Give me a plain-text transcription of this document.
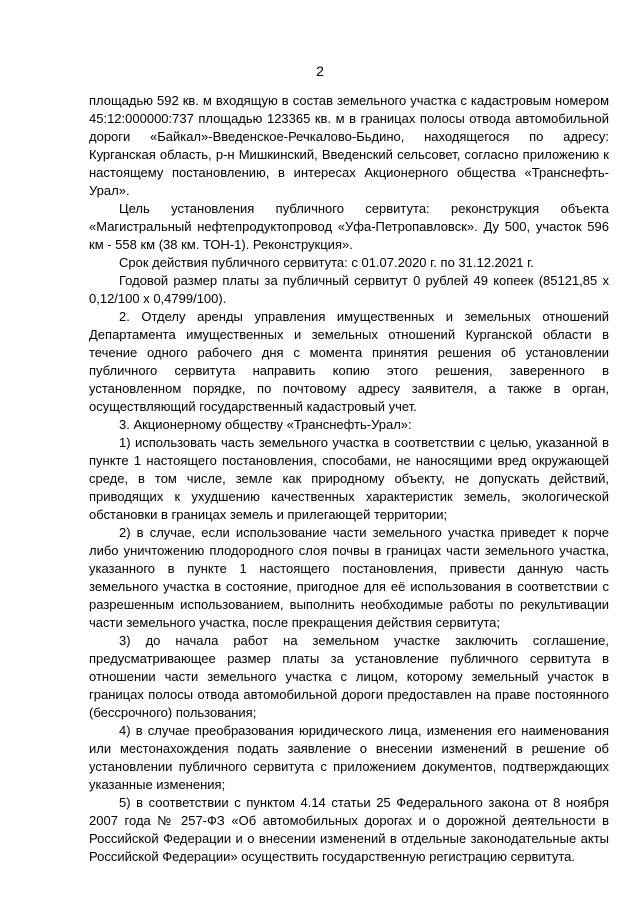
2

площадью 592 кв. м входящую в состав земельного участка с кадастровым номером 45:12:000000:737 площадью 123365 кв. м в границах полосы отвода автомобильной дороги «Байкал»-Введенское-Речкалово-Бьдино, находящегося по адресу: Курганская область, р-н Мишкинский, Введенский сельсовет, согласно приложению к настоящему постановлению, в интересах Акционерного общества «Транснефть-Урал».

Цель установления публичного сервитута: реконструкция объекта «Магистральный нефтепродуктопровод «Уфа-Петропавловск». Ду 500, участок 596 км - 558 км (38 км. ТОН-1). Реконструкция».

Срок действия публичного сервитута: с 01.07.2020 г. по 31.12.2021 г.

Годовой размер платы за публичный сервитут 0 рублей 49 копеек (85121,85 х 0,12/100 х 0,4799/100).

2. Отделу аренды управления имущественных и земельных отношений Департамента имущественных и земельных отношений Курганской области в течение одного рабочего дня с момента принятия решения об установлении публичного сервитута направить копию этого решения, заверенного в установленном порядке, по почтовому адресу заявителя, а также в орган, осуществляющий государственный кадастровый учет.

3. Акционерному обществу «Транснефть-Урал»:

1) использовать часть земельного участка в соответствии с целью, указанной в пункте 1 настоящего постановления, способами, не наносящими вред окружающей среде, в том числе, земле как природному объекту, не допускать действий, приводящих к ухудшению качественных характеристик земель, экологической обстановки в границах земель и прилегающей территории;

2) в случае, если использование части земельного участка приведет к порче либо уничтожению плодородного слоя почвы в границах части земельного участка, указанного в пункте 1 настоящего постановления, привести данную часть земельного участка в состояние, пригодное для её использования в соответствии с разрешенным использованием, выполнить необходимые работы по рекультивации части земельного участка, после прекращения действия сервитута;

3) до начала работ на земельном участке заключить соглашение, предусматривающее размер платы за установление публичного сервитута в отношении части земельного участка с лицом, которому земельный участок в границах полосы отвода автомобильной дороги предоставлен на праве постоянного (бессрочного) пользования;

4) в случае преобразования юридического лица, изменения его наименования или местонахождения подать заявление о внесении изменений в решение об установлении публичного сервитута с приложением документов, подтверждающих указанные изменения;

5) в соответствии с пунктом 4.14 статьи 25 Федерального закона от 8 ноября 2007 года № 257-ФЗ «Об автомобильных дорогах и о дорожной деятельности в Российской Федерации и о внесении изменений в отдельные законодательные акты Российской Федерации» осуществить государственную регистрацию сервитута.
